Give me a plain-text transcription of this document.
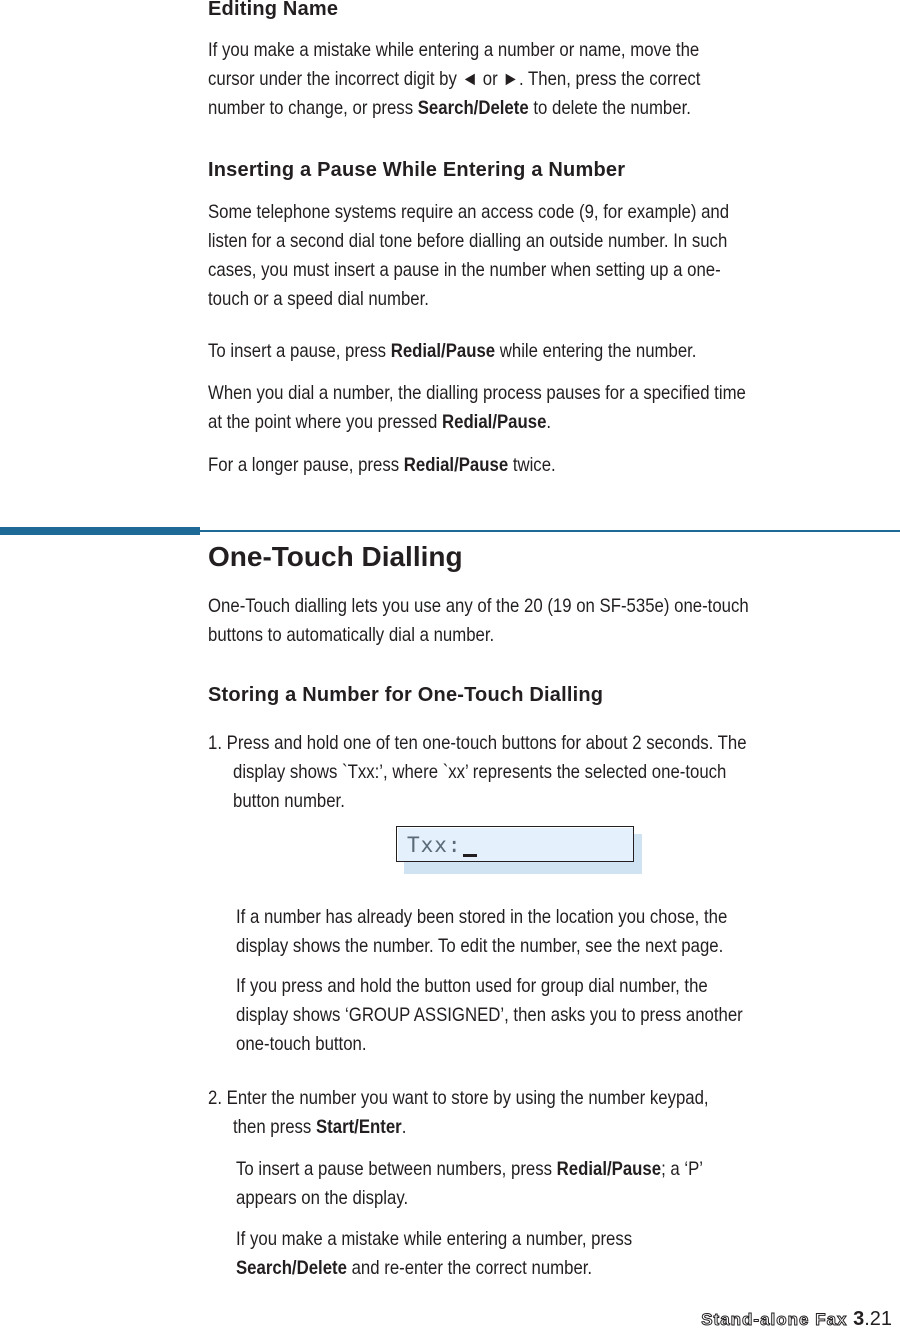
Editing Name
If you make a mistake while entering a number or name, move the
cursor under the incorrect digit by ◄ or ►. Then, press the correct
number to change, or press Search/Delete to delete the number.
Inserting a Pause While Entering a Number
Some telephone systems require an access code (9, for example) and
listen for a second dial tone before dialling an outside number. In such
cases, you must insert a pause in the number when setting up a one-
touch or a speed dial number.
To insert a pause, press Redial/Pause while entering the number.
When you dial a number, the dialling process pauses for a specified time
at the point where you pressed Redial/Pause.
For a longer pause, press Redial/Pause twice.
One-Touch Dialling
One-Touch dialling lets you use any of the 20 (19 on SF-535e) one-touch
buttons to automatically dial a number.
Storing a Number for One-Touch Dialling
1. Press and hold one of ten one-touch buttons for about 2 seconds. The
display shows `Txx:’, where `xx’ represents the selected one-touch
button number.
Txx:
If a number has already been stored in the location you chose, the
display shows the number. To edit the number, see the next page.
If you press and hold the button used for group dial number, the
display shows ‘GROUP ASSIGNED’, then asks you to press another
one-touch button.
2. Enter the number you want to store by using the number keypad,
then press Start/Enter.
To insert a pause between numbers, press Redial/Pause; a ‘P’
appears on the display.
If you make a mistake while entering a number, press
Search/Delete and re-enter the correct number.
Stand-alone Fax 3.21
